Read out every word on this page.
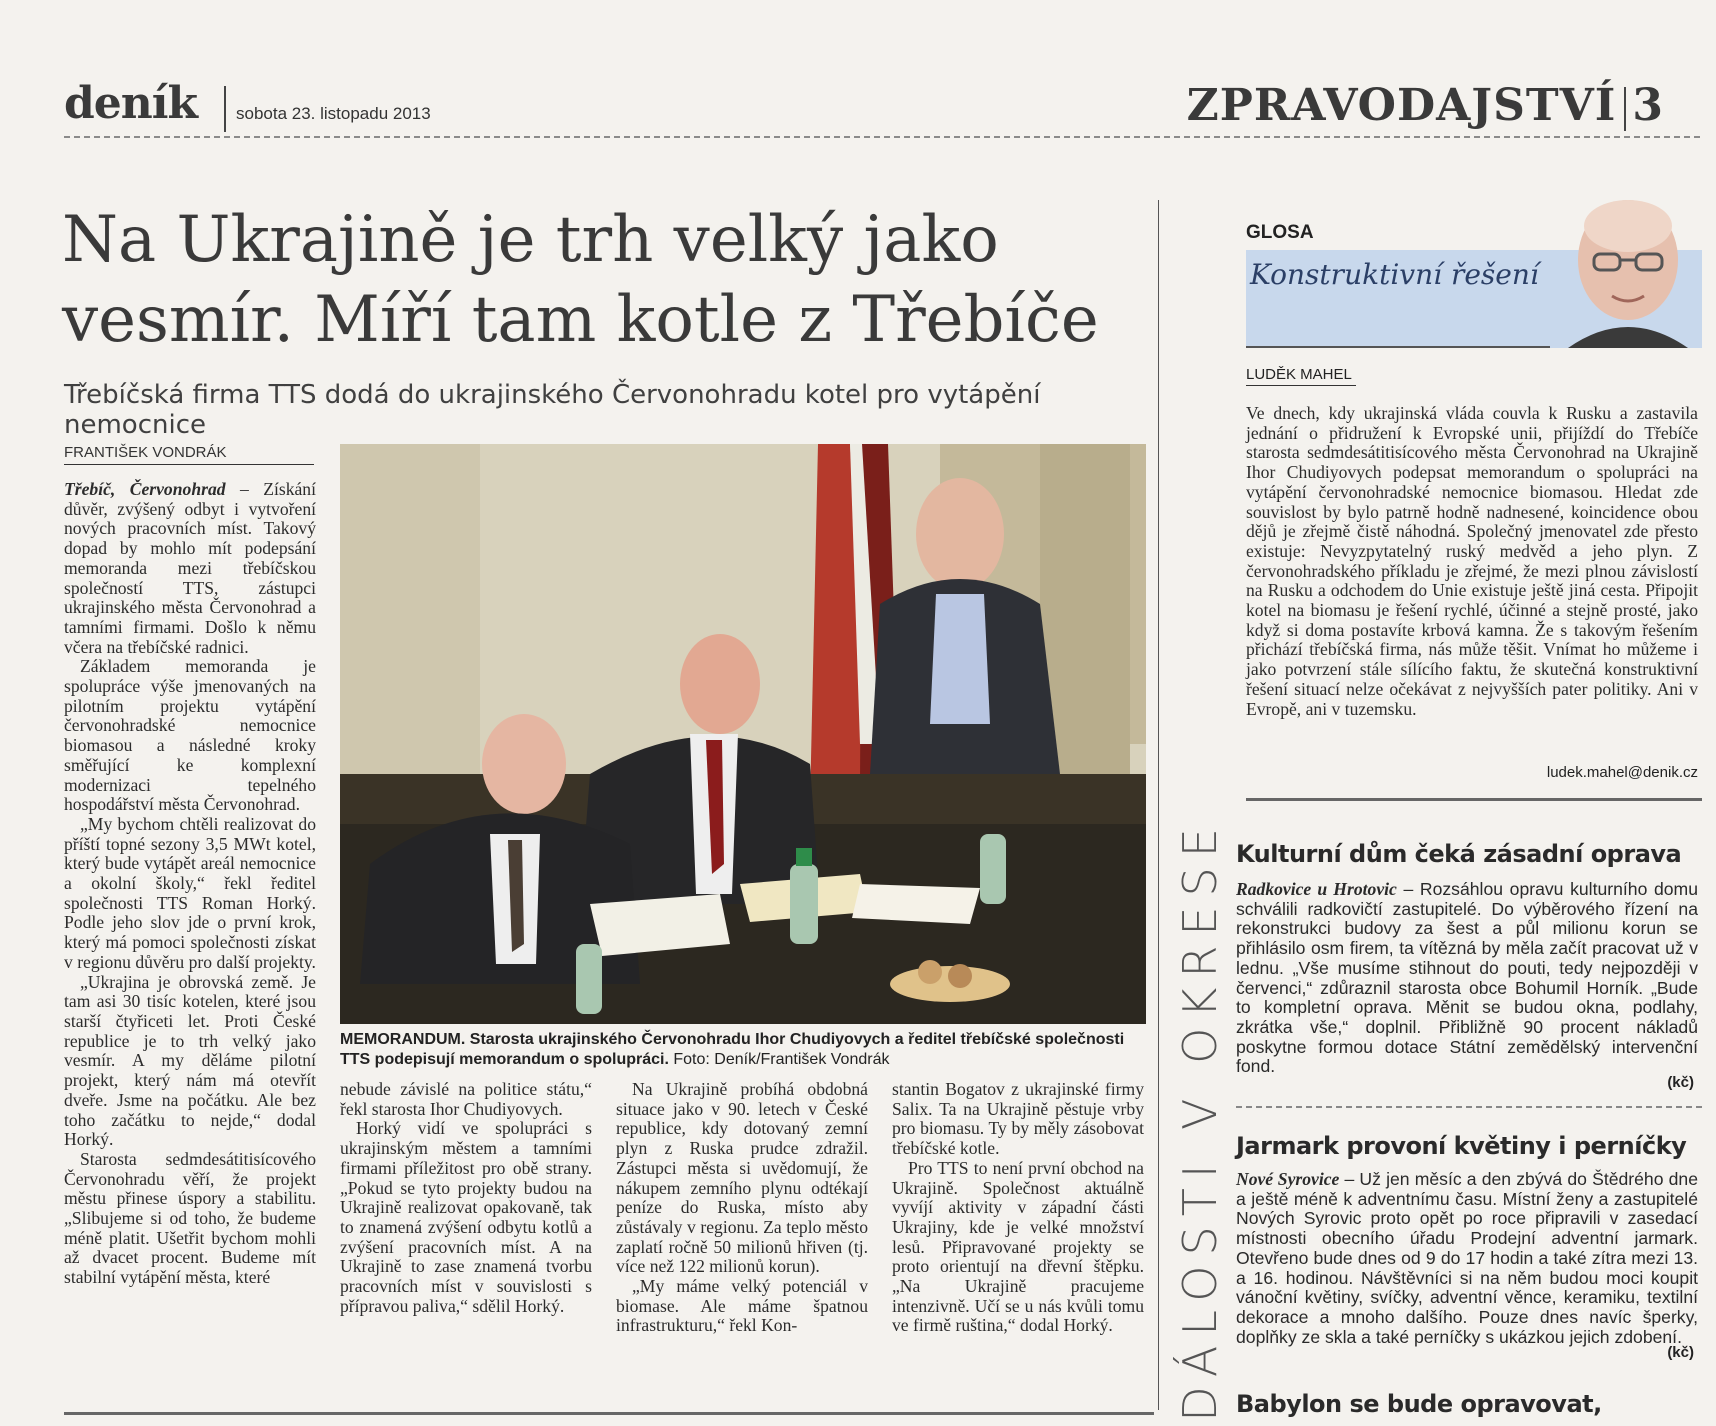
deník sobota 23. listopadu 2013	ZPRAVODAJSTVÍ 3
Na Ukrajině je trh velký jako
vesmír. Míří tam kotle z Třebíče
Třebíčská firma TTS dodá do ukrajinského Červonohradu kotel pro vytápění nemocnice
FRANTIŠEK VONDRÁK

Třebíč, Červonohrad – Získání důvěr, zvýšený odbyt i vytvoření nových pracovních míst. Takový dopad by mohlo mít podepsání memoranda mezi třebíčskou společností TTS, zástupci ukrajinského města Červonohrad a tamními firmami. Došlo k němu včera na třebíčské radnici.

Základem memoranda je spolupráce výše jmenovaných na pilotním projektu vytápění červonohradské nemocnice biomasou a následné kroky směřující ke komplexní modernizaci tepelného hospodářství města Červonohrad.

„My bychom chtěli realizovat do příští topné sezony 3,5 MWt kotel, který bude vytápět areál nemocnice a okolní školy,“ řekl ředitel společnosti TTS Roman Horký. Podle jeho slov jde o první krok, který má pomoci společnosti získat v regionu důvěru pro další projekty.

„Ukrajina je obrovská země. Je tam asi 30 tisíc kotelen, které jsou starší čtyřiceti let. Proti České republice je to trh velký jako vesmír. A my děláme pilotní projekt, který nám má otevřít dveře. Jsme na počátku. Ale bez toho začátku to nejde,“ dodal Horký.

Starosta sedmdesátitisícového Červonohradu věří, že projekt městu přinese úspory a stabilitu. „Slibujeme si od toho, že budeme méně platit. Ušetřit bychom mohli až dvacet procent. Budeme mít stabilní vytápění města, které

MEMORANDUM. Starosta ukrajinského Červonohradu Ihor Chudiyovych a ředitel třebíčské společnosti TTS podepisují memorandum o spolupráci. Foto: Deník/František Vondrák

nebude závislé na politice státu,“ řekl starosta Ihor Chudiyovych.

Horký vidí ve spolupráci s ukrajinským městem a tamními firmami příležitost pro obě strany. „Pokud se tyto projekty budou na Ukrajině realizovat opakovaně, tak to znamená zvýšení odbytu kotlů a zvýšení pracovních míst. A na Ukrajině to zase znamená tvorbu pracovních míst v souvislosti s přípravou paliva,“ sdělil Horký.

Na Ukrajině probíhá obdobná situace jako v 90. letech v České republice, kdy dotovaný zemní plyn z Ruska prudce zdražil. Zástupci města si uvědomují, že nákupem zemního plynu odtékají peníze do Ruska, místo aby zůstávaly v regionu. Za teplo město zaplatí ročně 50 milionů hřiven (tj. více než 122 milionů korun).

„My máme velký potenciál v biomase. Ale máme špatnou infrastrukturu,“ řekl Kon-

stantin Bogatov z ukrajinské firmy Salix. Ta na Ukrajině pěstuje vrby pro biomasu. Ty by měly zásobovat třebíčské kotle.

Pro TTS to není první obchod na Ukrajině. Společnost aktuálně vyvíjí aktivity v západní části Ukrajiny, kde je velké množství lesů. Připravované projekty se proto orientují na dřevní štěpku. „Na Ukrajině pracujeme intenzivně. Učí se u nás kvůli tomu ve firmě ruština,“ dodal Horký.

GLOSA
Konstruktivní řešení
LUDĚK MAHEL

Ve dnech, kdy ukrajinská vláda couvla k Rusku a zastavila jednání o přidružení k Evropské unii, přijíždí do Třebíče starosta sedmdesátitisícového města Červonohrad na Ukrajině Ihor Chudiyovych podepsat memorandum o spolupráci na vytápění červonohradské nemocnice biomasou. Hledat zde souvislost by bylo patrně hodně nadnesené, koincidence obou dějů je zřejmě čistě náhodná. Společný jmenovatel zde přesto existuje: Nevyzpytatelný ruský medvěd a jeho plyn. Z červonohradského příkladu je zřejmé, že mezi plnou závislostí na Rusku a odchodem do Unie existuje ještě jiná cesta. Připojit kotel na biomasu je řešení rychlé, účinné a stejně prosté, jako když si doma postavíte krbová kamna. Že s takovým řešením přichází třebíčská firma, nás může těšit. Vnímat ho můžeme i jako potvrzení stále sílícího faktu, že skutečná konstruktivní řešení situací nelze očekávat z nejvyšších pater politiky. Ani v Evropě, ani v tuzemsku.

ludek.mahel@denik.cz
DÁLOSTI V OKRESE Kulturní dům čeká zásadní oprava
Radkovice u Hrotovic – Rozsáhlou opravu kulturního domu schválili radkovičtí zastupitelé. Do výběrového řízení na rekonstrukci budovy za šest a půl milionu korun se přihlásilo osm firem, ta vítězná by měla začít pracovat už v lednu. „Vše musíme stihnout do pouti, tedy nejpozději v červenci,“ zdůraznil starosta obce Bohumil Horník. „Bude to kompletní oprava. Měnit se budou okna, podlahy, zkrátka vše,“ doplnil. Přibližně 90 procent nákladů poskytne formou dotace Státní zemědělský intervenční fond.
(kč)
Jarmark provoní květiny i perníčky
Nové Syrovice – Už jen měsíc a den zbývá do Štědrého dne a ještě méně k adventnímu času. Místní ženy a zastupitelé Nových Syrovic proto opět po roce připravili v zasedací místnosti obecního úřadu Prodejní adventní jarmark. Otevřeno bude dnes od 9 do 17 hodin a také zítra mezi 13. a 16. hodinou. Návštěvníci si na něm budou moci koupit vánoční květiny, svíčky, adventní věnce, keramiku, textilní dekorace a mnoho dalšího. Pouze dnes navíc šperky, doplňky ze skla a také perníčky s ukázkou jejich zdobení.
(kč)
Babylon se bude opravovat,
